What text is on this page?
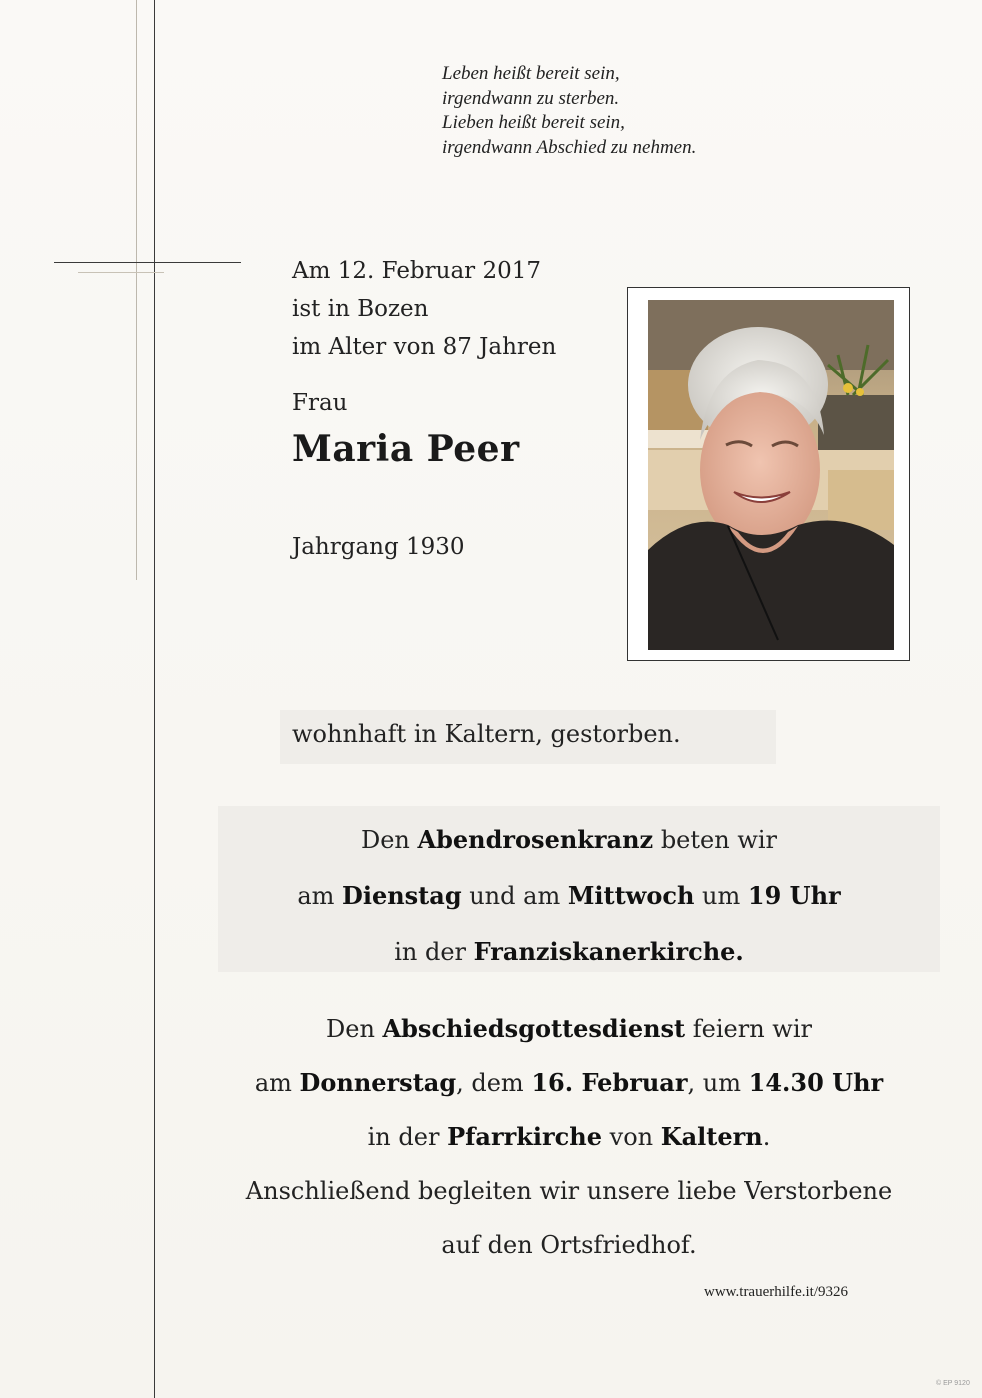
Leben heißt bereit sein,
irgendwann zu sterben.
Lieben heißt bereit sein,
irgendwann Abschied zu nehmen.
Am 12. Februar 2017
ist in Bozen
im Alter von 87 Jahren
Frau
Maria Peer
Jahrgang 1930
wohnhaft in Kaltern, gestorben.
Den Abendrosenkranz beten wir
am Dienstag und am Mittwoch um 19 Uhr
in der Franziskanerkirche.
Den Abschiedsgottesdienst feiern wir
am Donnerstag, dem 16. Februar, um 14.30 Uhr
in der Pfarrkirche von Kaltern.
Anschließend begleiten wir unsere liebe Verstorbene
auf den Ortsfriedhof.
www.trauerhilfe.it/9326
© EP 9120
